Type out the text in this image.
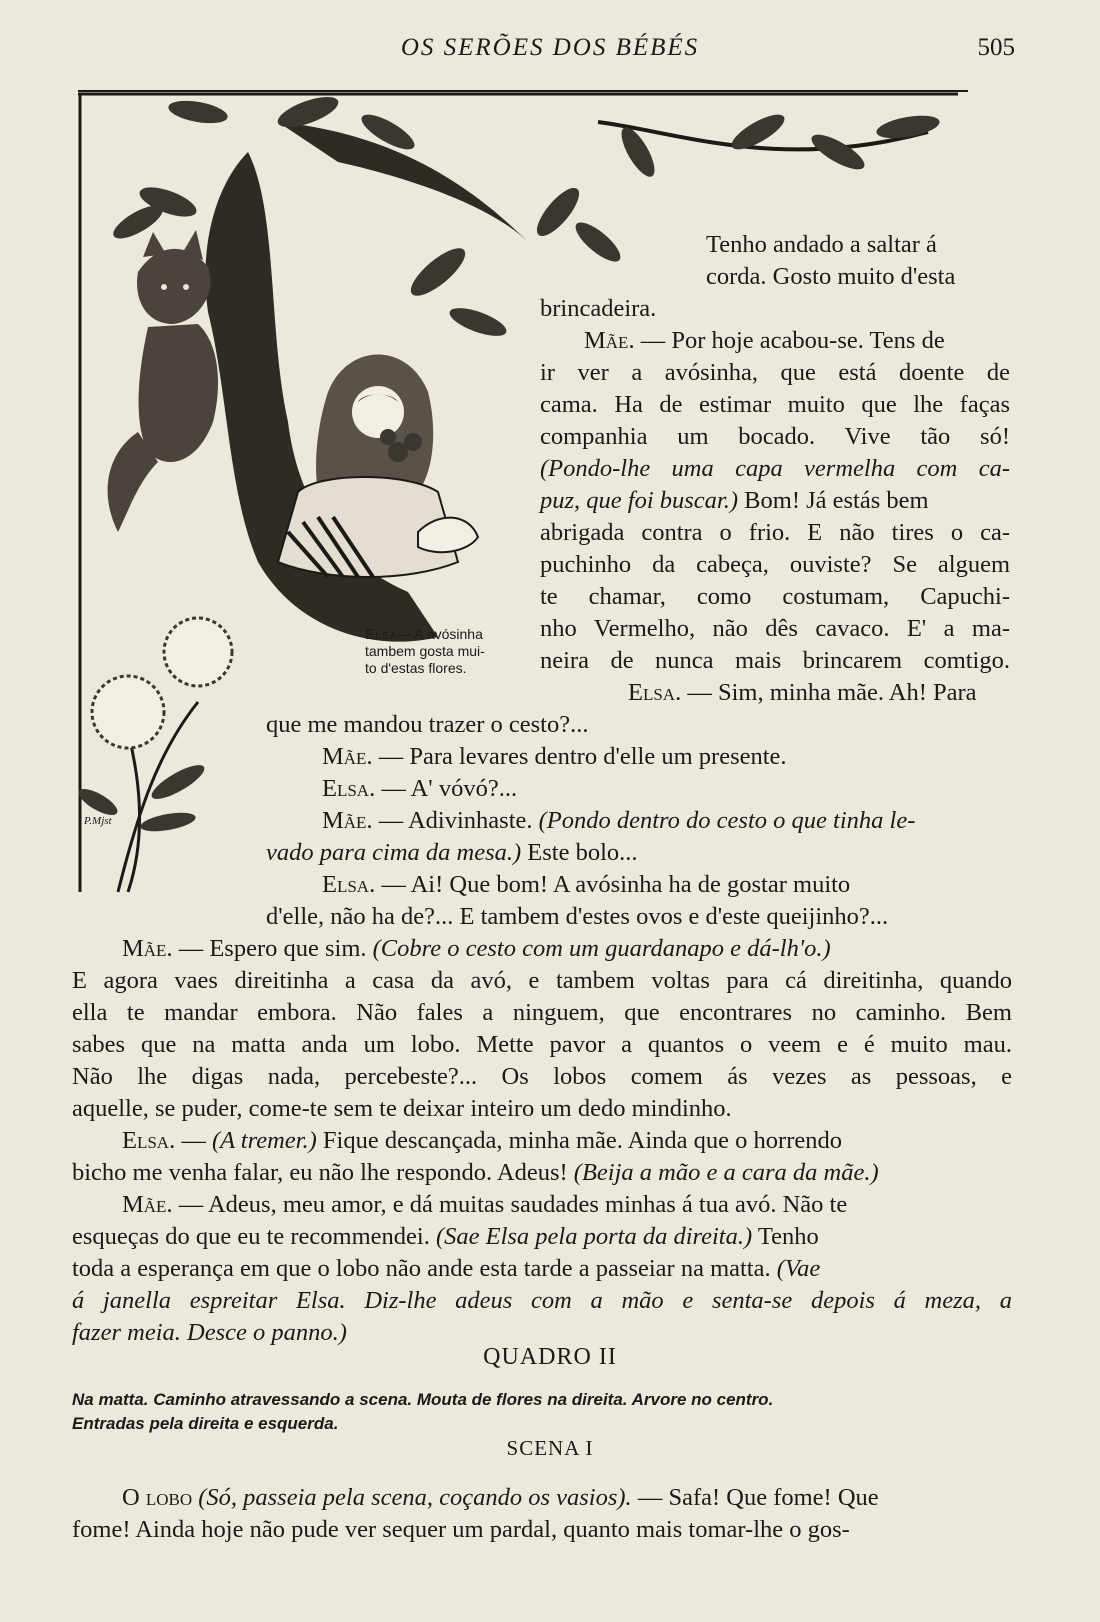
OS SERÕES DOS BÉBÉS	505
P.Mjst
Elsa— A avósinha
tambem gosta mui-
to d'estas flores.
Tenho andado a saltar á
corda. Gosto muito d'esta
brincadeira.
Mãe. — Por hoje acabou-se. Tens de
ir ver a avósinha, que está doente de
cama. Ha de estimar muito que lhe faças
companhia um bocado. Vive tão só!
(Pondo-lhe uma capa vermelha com ca-
puz, que foi buscar.) Bom! Já estás bem
abrigada contra o frio. E não tires o ca-
puchinho da cabeça, ouviste? Se alguem
te chamar, como costumam, Capuchi-
nho Vermelho, não dês cavaco. E' a ma-
neira de nunca mais brincarem comtigo.
Elsa. — Sim, minha mãe. Ah! Para
que me mandou trazer o cesto?...
Mãe. — Para levares dentro d'elle um presente.
Elsa. — A' vóvó?...
Mãe. — Adivinhaste. (Pondo dentro do cesto o que tinha le-
vado para cima da mesa.) Este bolo...
Elsa. — Ai! Que bom! A avósinha ha de gostar muito
d'elle, não ha de?... E tambem d'estes ovos e d'este queijinho?...
Mãe. — Espero que sim. (Cobre o cesto com um guardanapo e dá-lh'o.)
E agora vaes direitinha a casa da avó, e tambem voltas para cá direitinha, quando
ella te mandar embora. Não fales a ninguem, que encontrares no caminho. Bem
sabes que na matta anda um lobo. Mette pavor a quantos o veem e é muito mau.
Não lhe digas nada, percebeste?... Os lobos comem ás vezes as pessoas, e
aquelle, se puder, come-te sem te deixar inteiro um dedo mindinho.
Elsa. — (A tremer.) Fique descançada, minha mãe. Ainda que o horrendo
bicho me venha falar, eu não lhe respondo. Adeus! (Beija a mão e a cara da mãe.)
Mãe. — Adeus, meu amor, e dá muitas saudades minhas á tua avó. Não te
esqueças do que eu te recommendei. (Sae Elsa pela porta da direita.) Tenho
toda a esperança em que o lobo não ande esta tarde a passeiar na matta. (Vae
á janella espreitar Elsa. Diz-lhe adeus com a mão e senta-se depois á meza, a
fazer meia. Desce o panno.)
QUADRO II
Na matta. Caminho atravessando a scena. Mouta de flores na direita. Arvore no centro.
Entradas pela direita e esquerda.
SCENA I
O lobo (Só, passeia pela scena, coçando os vasios). — Safa! Que fome! Que
fome! Ainda hoje não pude ver sequer um pardal, quanto mais tomar-lhe o gos-
